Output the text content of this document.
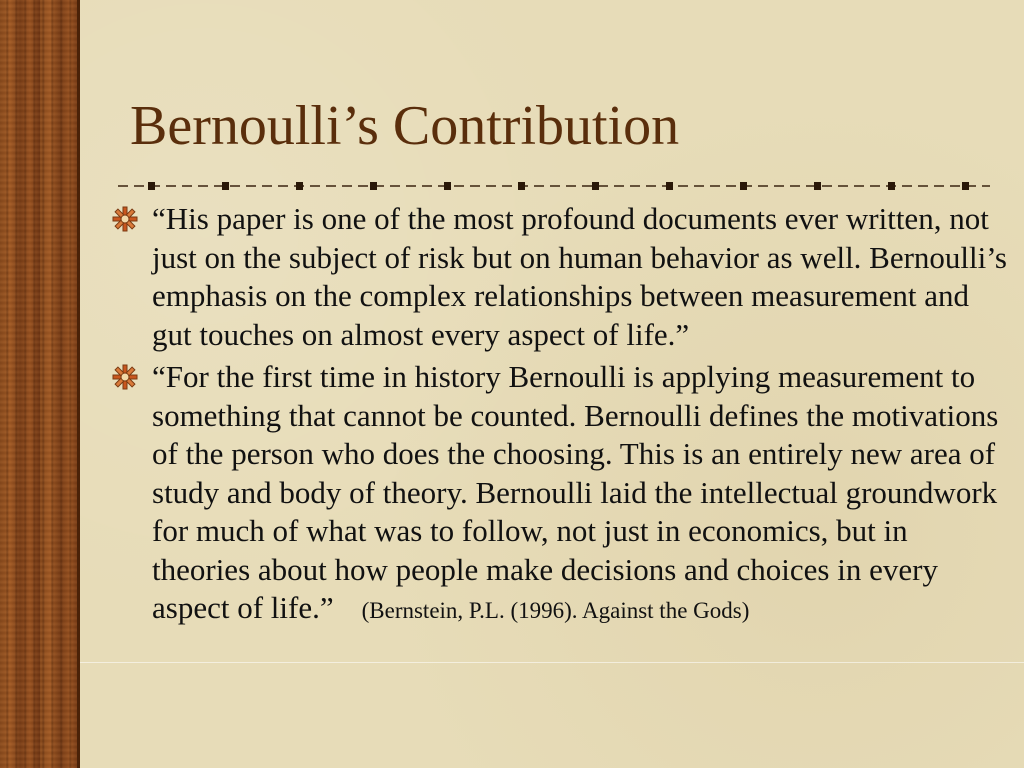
Bernoulli’s Contribution
“His paper is one of the most profound documents ever written, not just on the subject of risk but on human behavior as well. Bernoulli’s emphasis on the complex relationships between measurement and gut touches on almost every aspect of life.”
“For the first time in history Bernoulli is applying measurement to something that cannot be counted. Bernoulli defines the motivations of the person who does the choosing. This is an entirely new area of study and body of theory. Bernoulli laid the intellectual groundwork for much of what was to follow, not just in economics, but in theories about how people make decisions and choices in every aspect of life.” (Bernstein, P.L. (1996). Against the Gods)
